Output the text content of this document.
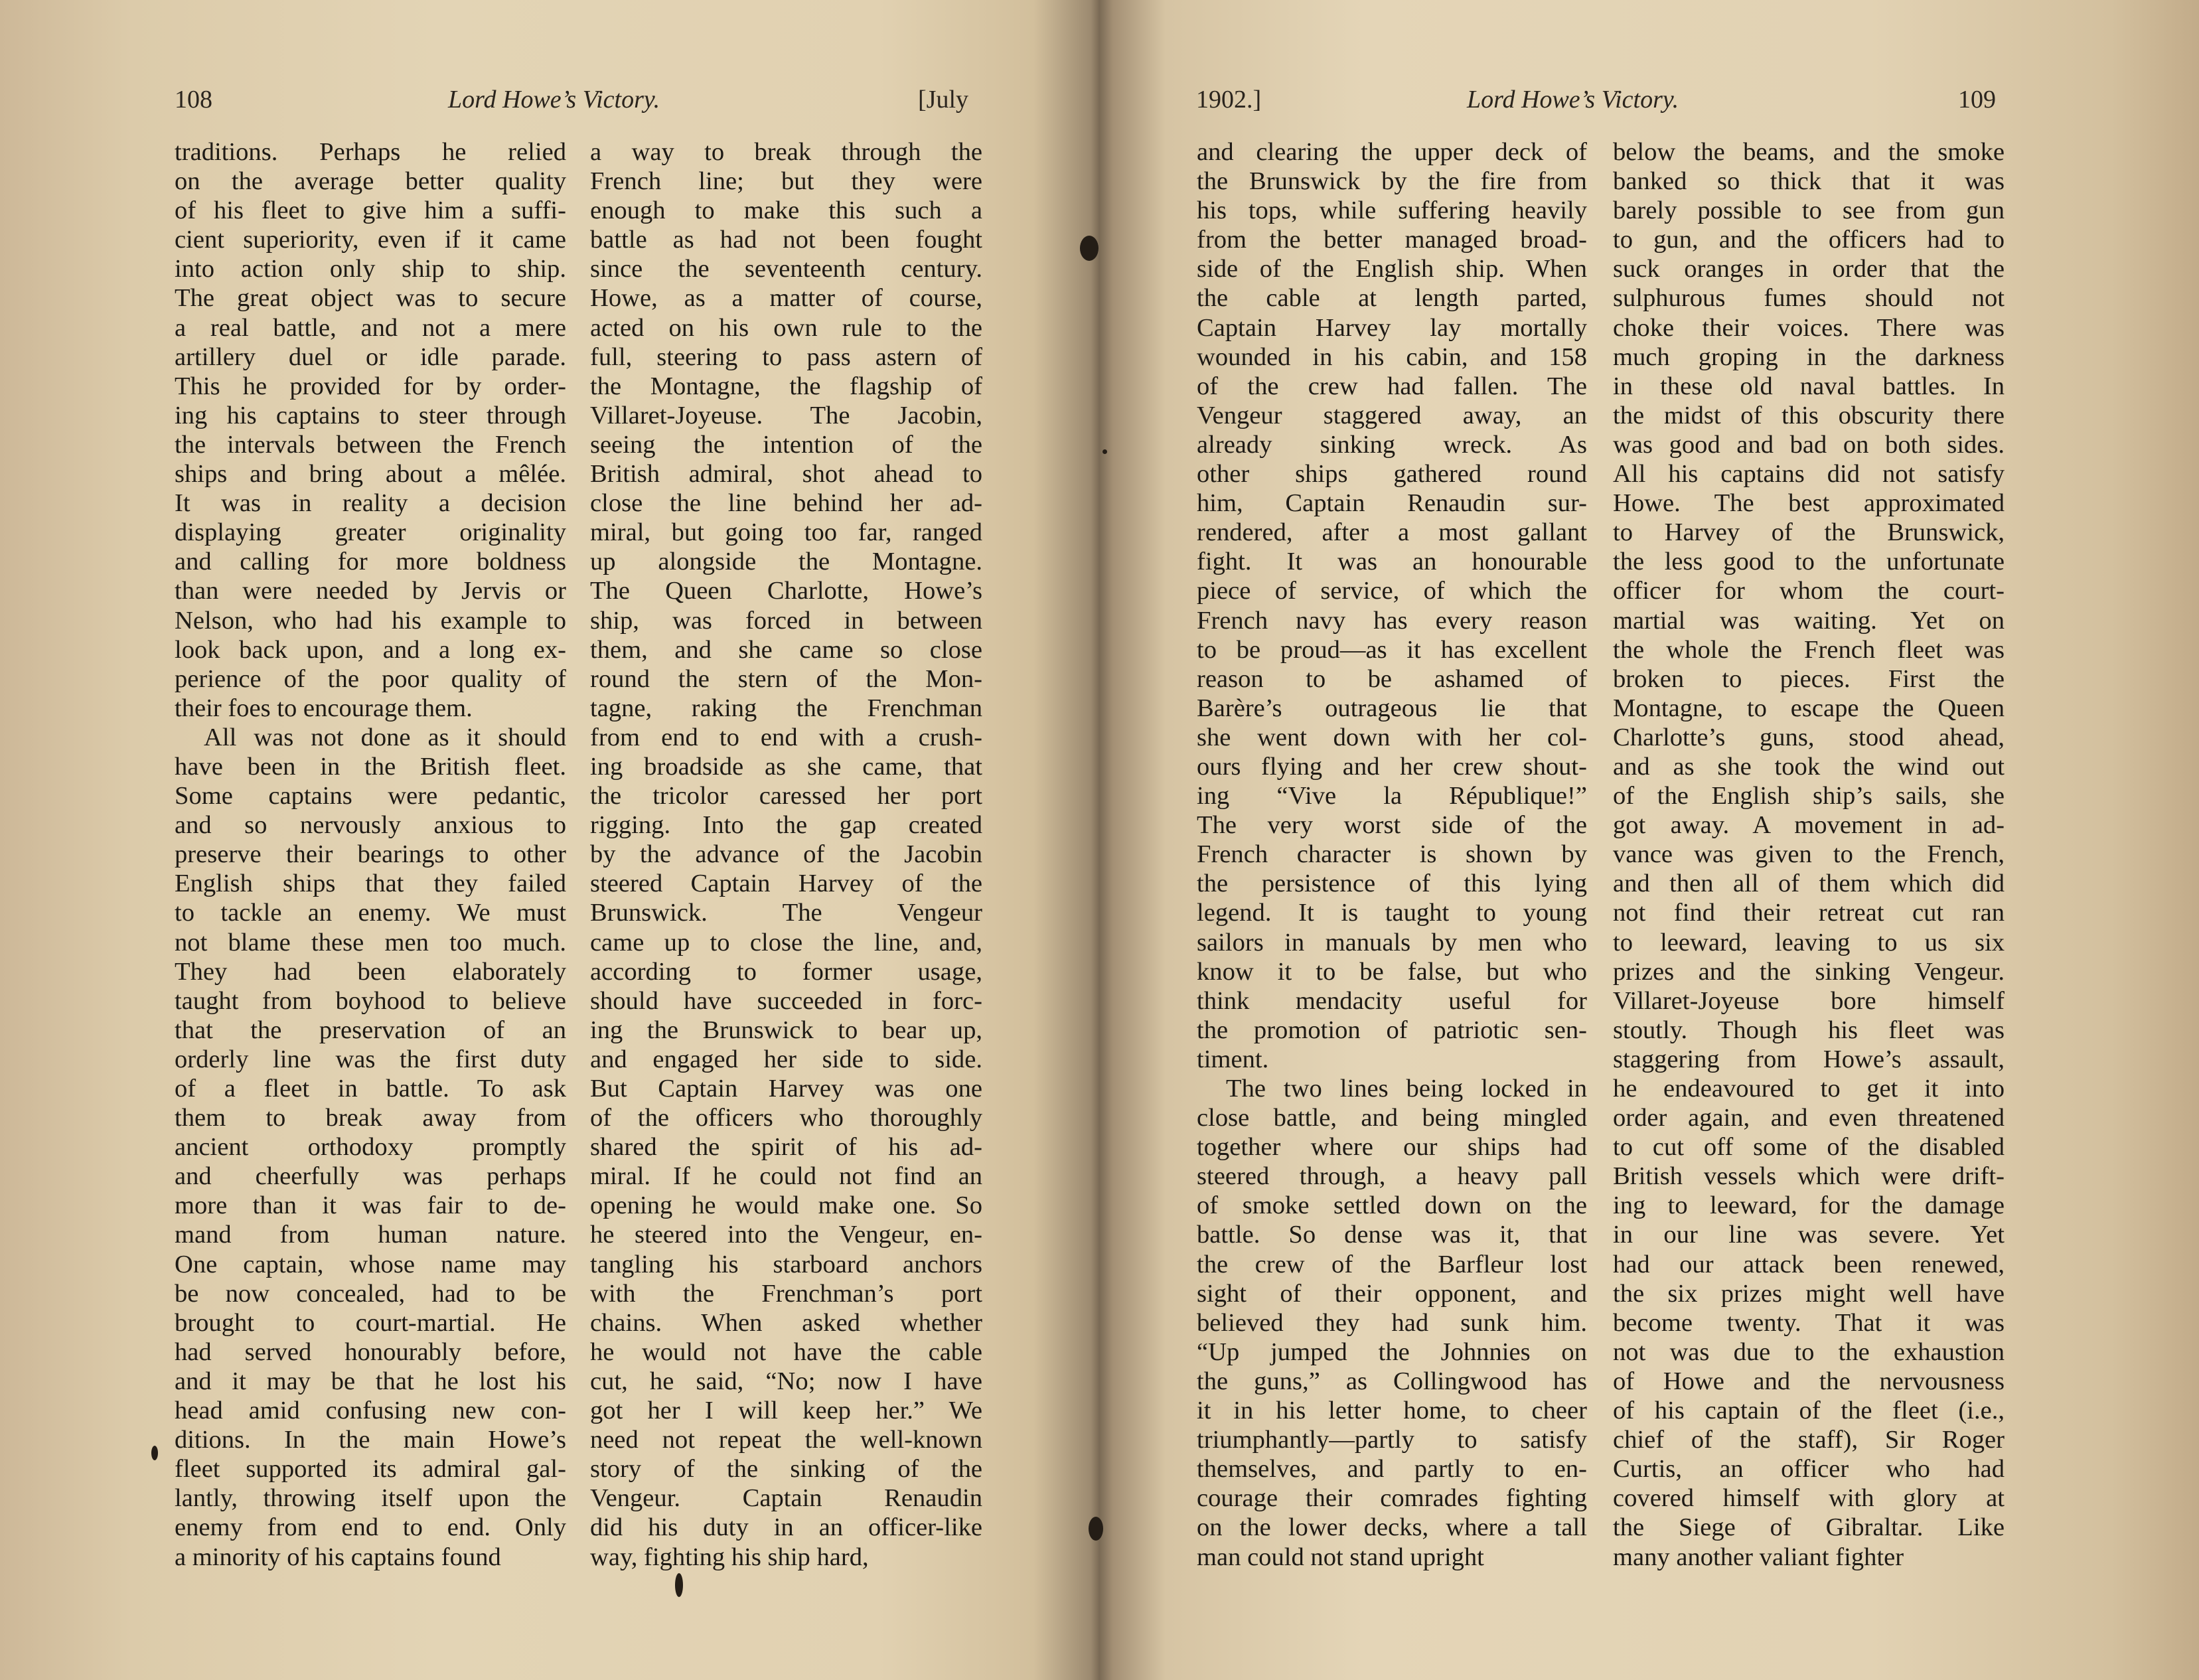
108	Lord Howe’s Victory.	[July
traditions. Perhaps he relied
on the average better quality
of his fleet to give him a suffi-
cient superiority, even if it came
into action only ship to ship.
The great object was to secure
a real battle, and not a mere
artillery duel or idle parade.
This he provided for by order-
ing his captains to steer through
the intervals between the French
ships and bring about a mêlée.
It was in reality a decision
displaying greater originality
and calling for more boldness
than were needed by Jervis or
Nelson, who had his example to
look back upon, and a long ex-
perience of the poor quality of
their foes to encourage them.
All was not done as it should
have been in the British fleet.
Some captains were pedantic,
and so nervously anxious to
preserve their bearings to other
English ships that they failed
to tackle an enemy. We must
not blame these men too much.
They had been elaborately
taught from boyhood to believe
that the preservation of an
orderly line was the first duty
of a fleet in battle. To ask
them to break away from
ancient orthodoxy promptly
and cheerfully was perhaps
more than it was fair to de-
mand from human nature.
One captain, whose name may
be now concealed, had to be
brought to court-martial. He
had served honourably before,
and it may be that he lost his
head amid confusing new con-
ditions. In the main Howe’s
fleet supported its admiral gal-
lantly, throwing itself upon the
enemy from end to end. Only
a minority of his captains found
a way to break through the
French line; but they were
enough to make this such a
battle as had not been fought
since the seventeenth century.
Howe, as a matter of course,
acted on his own rule to the
full, steering to pass astern of
the Montagne, the flagship of
Villaret-Joyeuse. The Jacobin,
seeing the intention of the
British admiral, shot ahead to
close the line behind her ad-
miral, but going too far, ranged
up alongside the Montagne.
The Queen Charlotte, Howe’s
ship, was forced in between
them, and she came so close
round the stern of the Mon-
tagne, raking the Frenchman
from end to end with a crush-
ing broadside as she came, that
the tricolor caressed her port
rigging. Into the gap created
by the advance of the Jacobin
steered Captain Harvey of the
Brunswick. The Vengeur
came up to close the line, and,
according to former usage,
should have succeeded in forc-
ing the Brunswick to bear up,
and engaged her side to side.
But Captain Harvey was one
of the officers who thoroughly
shared the spirit of his ad-
miral. If he could not find an
opening he would make one. So
he steered into the Vengeur, en-
tangling his starboard anchors
with the Frenchman’s port
chains. When asked whether
he would not have the cable
cut, he said, “No; now I have
got her I will keep her.” We
need not repeat the well-known
story of the sinking of the
Vengeur. Captain Renaudin
did his duty in an officer-like
way, fighting his ship hard,
1902.]	Lord Howe’s Victory.	109
and clearing the upper deck of
the Brunswick by the fire from
his tops, while suffering heavily
from the better managed broad-
side of the English ship. When
the cable at length parted,
Captain Harvey lay mortally
wounded in his cabin, and 158
of the crew had fallen. The
Vengeur staggered away, an
already sinking wreck. As
other ships gathered round
him, Captain Renaudin sur-
rendered, after a most gallant
fight. It was an honourable
piece of service, of which the
French navy has every reason
to be proud—as it has excellent
reason to be ashamed of
Barère’s outrageous lie that
she went down with her col-
ours flying and her crew shout-
ing “Vive la République!”
The very worst side of the
French character is shown by
the persistence of this lying
legend. It is taught to young
sailors in manuals by men who
know it to be false, but who
think mendacity useful for
the promotion of patriotic sen-
timent.
The two lines being locked in
close battle, and being mingled
together where our ships had
steered through, a heavy pall
of smoke settled down on the
battle. So dense was it, that
the crew of the Barfleur lost
sight of their opponent, and
believed they had sunk him.
“Up jumped the Johnnies on
the guns,” as Collingwood has
it in his letter home, to cheer
triumphantly—partly to satisfy
themselves, and partly to en-
courage their comrades fighting
on the lower decks, where a tall
man could not stand upright
below the beams, and the smoke
banked so thick that it was
barely possible to see from gun
to gun, and the officers had to
suck oranges in order that the
sulphurous fumes should not
choke their voices. There was
much groping in the darkness
in these old naval battles. In
the midst of this obscurity there
was good and bad on both sides.
All his captains did not satisfy
Howe. The best approximated
to Harvey of the Brunswick,
the less good to the unfortunate
officer for whom the court-
martial was waiting. Yet on
the whole the French fleet was
broken to pieces. First the
Montagne, to escape the Queen
Charlotte’s guns, stood ahead,
and as she took the wind out
of the English ship’s sails, she
got away. A movement in ad-
vance was given to the French,
and then all of them which did
not find their retreat cut ran
to leeward, leaving to us six
prizes and the sinking Vengeur.
Villaret-Joyeuse bore himself
stoutly. Though his fleet was
staggering from Howe’s assault,
he endeavoured to get it into
order again, and even threatened
to cut off some of the disabled
British vessels which were drift-
ing to leeward, for the damage
in our line was severe. Yet
had our attack been renewed,
the six prizes might well have
become twenty. That it was
not was due to the exhaustion
of Howe and the nervousness
of his captain of the fleet (i.e.,
chief of the staff), Sir Roger
Curtis, an officer who had
covered himself with glory at
the Siege of Gibraltar. Like
many another valiant fighter
